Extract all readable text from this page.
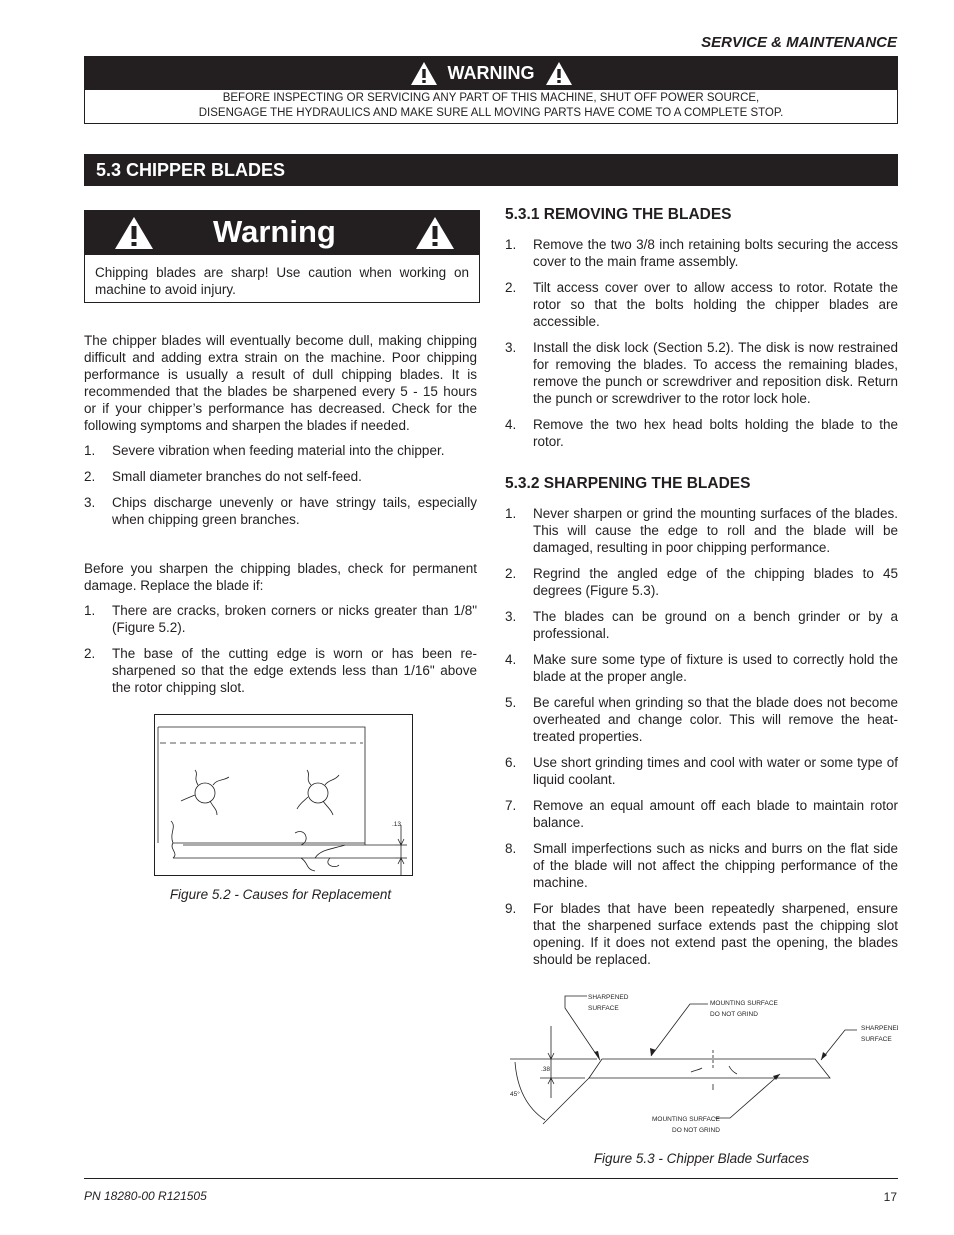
SERVICE & MAINTENANCE
WARNING
BEFORE INSPECTING OR SERVICING ANY PART OF THIS MACHINE, SHUT OFF POWER SOURCE,
DISENGAGE THE HYDRAULICS AND MAKE SURE ALL MOVING PARTS HAVE COME TO A COMPLETE STOP.
5.3 CHIPPER BLADES
Warning
Chipping blades are sharp! Use caution when working on machine to avoid injury.

The chipper blades will eventually become dull, making chipping difficult and adding extra strain on the machine. Poor chipping performance is usually a result of dull chipping blades. It is recommended that the blades be sharpened every 5 - 15 hours or if your chipper’s performance has decreased. Check for the following symptoms and sharpen the blades if needed.

1.	Severe vibration when feeding material into the chipper.
2.	Small diameter branches do not self-feed.
3.	Chips discharge unevenly or have stringy tails, especially when chipping green branches.

Before you sharpen the chipping blades, check for permanent damage. Replace the blade if:

1.	There are cracks, broken corners or nicks greater than 1/8" (Figure 5.2).
2.	The base of the cutting edge is worn or has been re-sharpened so that the edge extends less than 1/16" above the rotor chipping slot.
.13
Figure 5.2 - Causes for Replacement
5.3.1 REMOVING THE BLADES
1.	Remove the two 3/8 inch retaining bolts securing the access cover to the main frame assembly.
2.	Tilt access cover over to allow access to rotor. Rotate the rotor so that the bolts holding the chipper blades are accessible.
3.	Install the disk lock (Section 5.2). The disk is now restrained for removing the blades. To access the remaining blades, remove the punch or screwdriver and reposition disk. Return the punch or screwdriver to the rotor lock hole.
4.	Remove the two hex head bolts holding the blade to the rotor.
5.3.2 SHARPENING THE BLADES
1.	Never sharpen or grind the mounting surfaces of the blades. This will cause the edge to roll and the blade will be damaged, resulting in poor chipping performance.
2.	Regrind the angled edge of the chipping blades to 45 degrees (Figure 5.3).
3.	The blades can be ground on a bench grinder or by a professional.
4.	Make sure some type of fixture is used to correctly hold the blade at the proper angle.
5.	Be careful when grinding so that the blade does not become overheated and change color. This will remove the heat-treated properties.
6.	Use short grinding times and cool with water or some type of liquid coolant.
7.	Remove an equal amount off each blade to maintain rotor balance.
8.	Small imperfections such as nicks and burrs on the flat side of the blade will not affect the chipping performance of the machine.
9.	For blades that have been repeatedly sharpened, ensure that the sharpened surface extends past the chipping slot opening. If it does not extend past the opening, the blades should be replaced.
SHARPENED
SURFACE
MOUNTING SURFACE
DO NOT GRIND
SHARPENED
SURFACE
.38
45°
MOUNTING SURFACE
DO NOT GRIND
Figure 5.3 - Chipper Blade Surfaces
PN 18280-00 R121505	17
